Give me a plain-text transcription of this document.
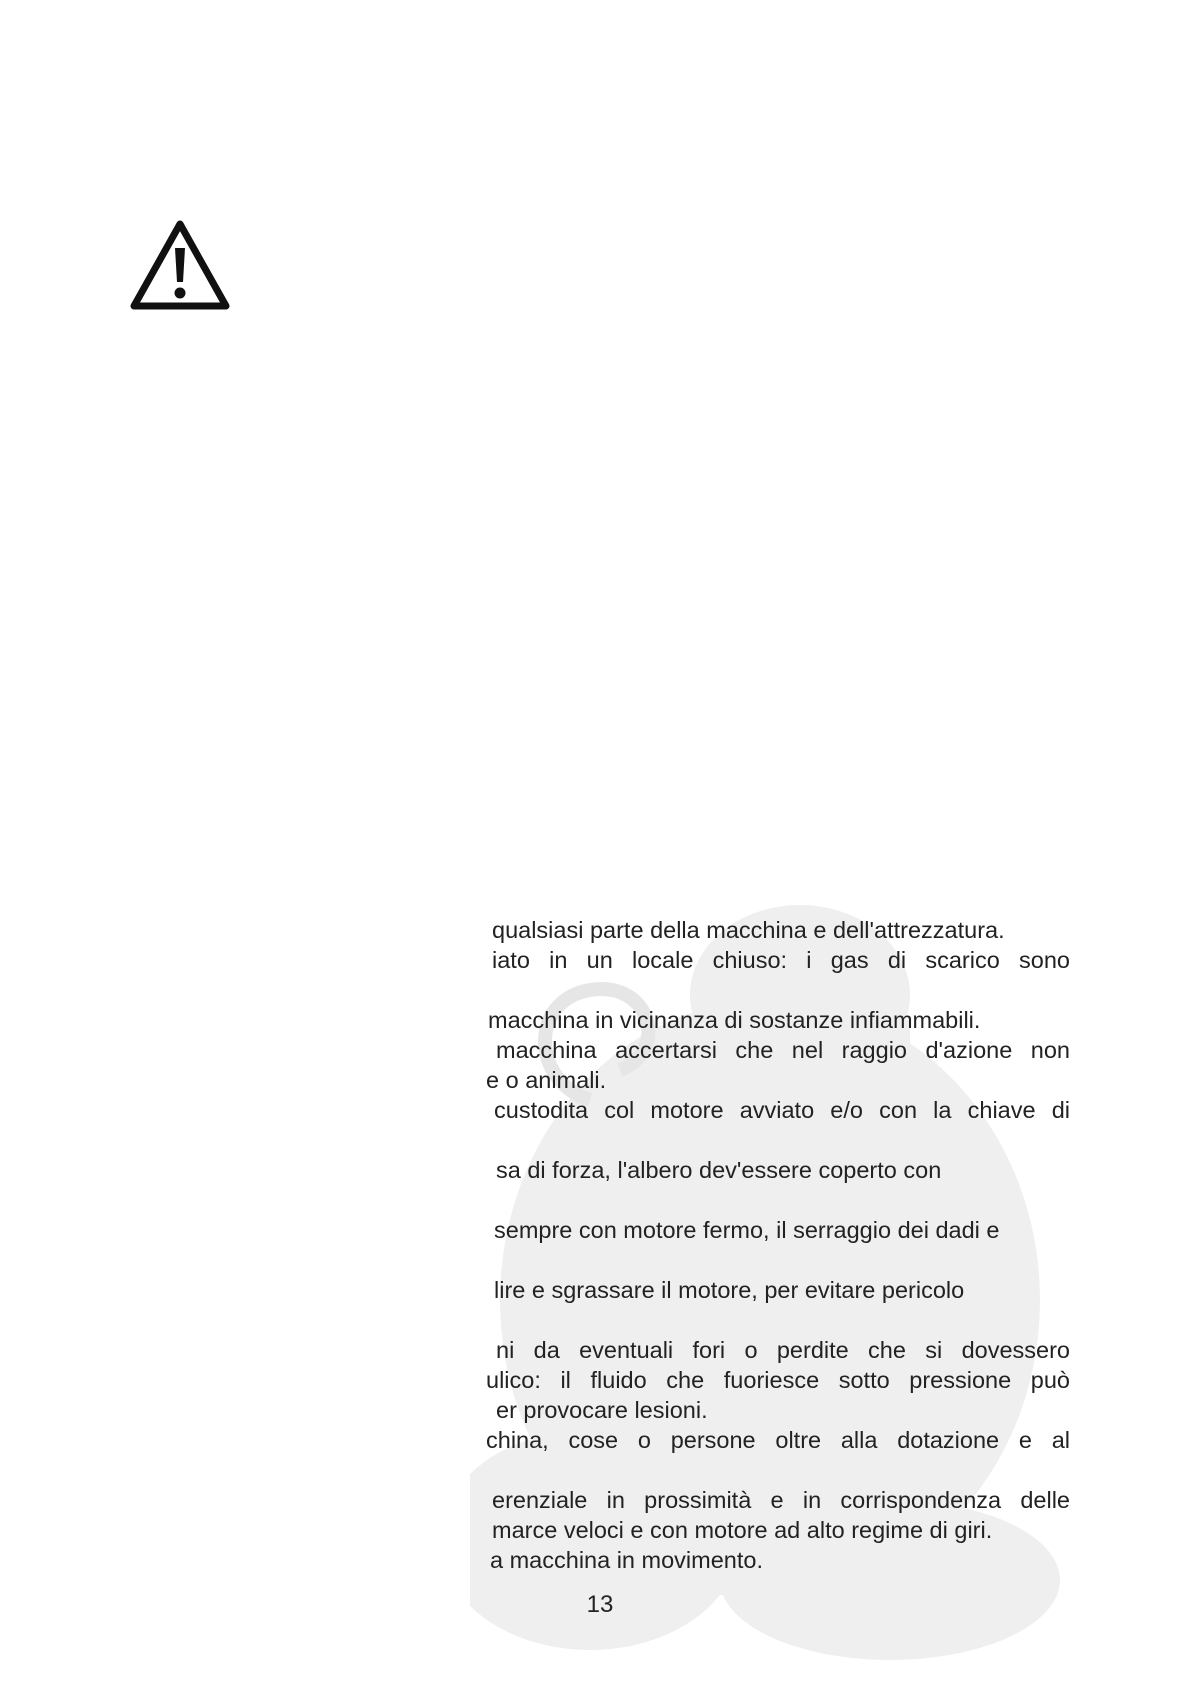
qualsiasi parte della macchina e dell'attrezzatura.
iato in un locale chiuso: i gas di scarico sono
macchina in vicinanza di sostanze infiammabili.
macchina accertarsi che nel raggio d'azione non
e o animali.
custodita col motore avviato e/o con la chiave di
sa di forza, l'albero dev'essere coperto con
sempre con motore fermo, il serraggio dei dadi e
lire e sgrassare il motore, per evitare pericolo
ni da eventuali fori o perdite che si dovessero
ulico: il fluido che fuoriesce sotto pressione può
er provocare lesioni.
china, cose o persone oltre alla dotazione e al
erenziale in prossimità e in corrispondenza delle
marce veloci e con motore ad alto regime di giri.
a macchina in movimento.
13
